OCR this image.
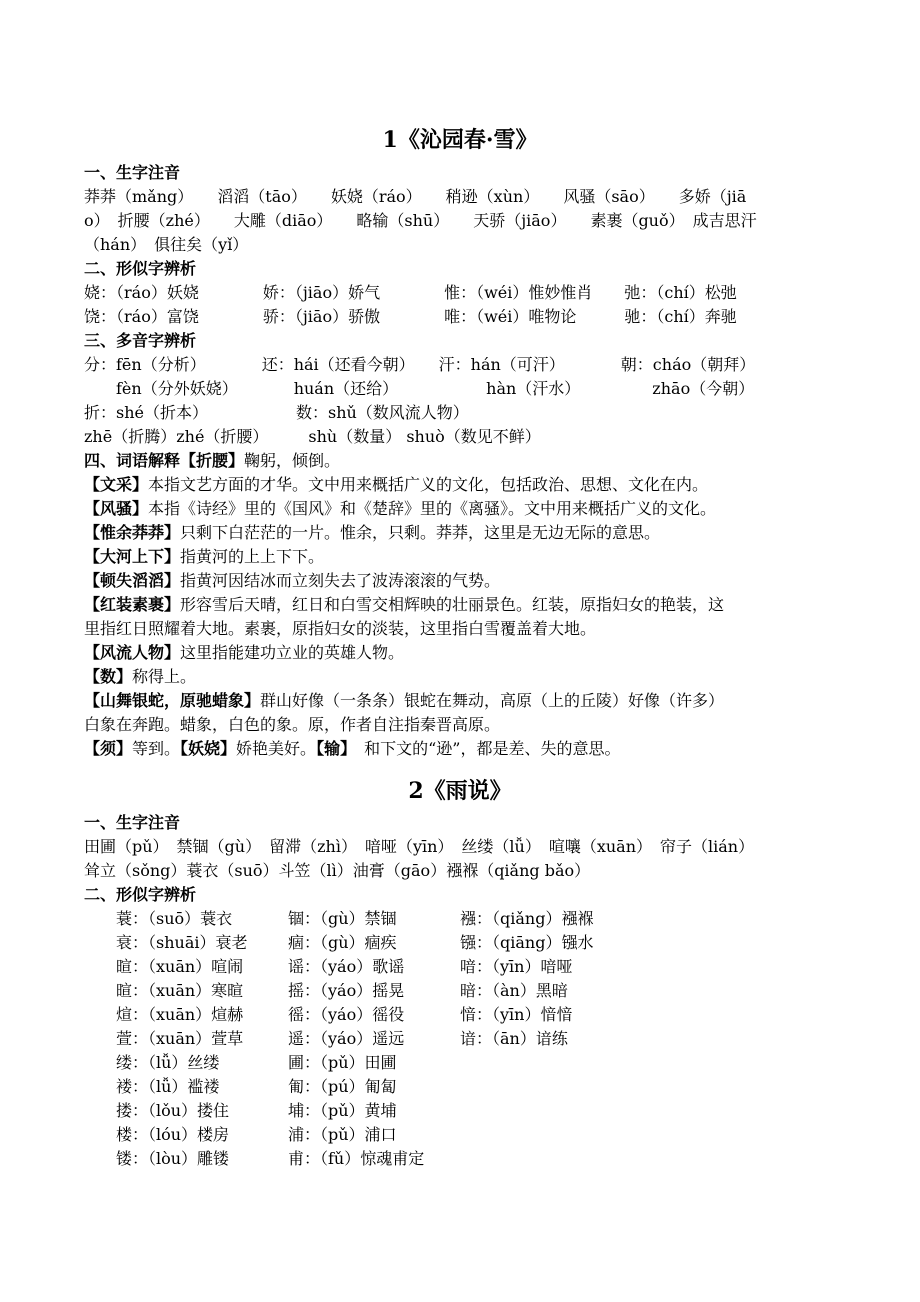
1《沁园春·雪》
一、生字注音
莽莽（mǎng）　　滔滔（tāo）　　妖娆（ráo）　　稍逊（xùn）　　风骚（sāo）　　多娇（jiā
o）　折腰（zhé）　　大雕（diāo）　　略输（shū）　　天骄（jiāo）　　素裹（guǒ）　成吉思汗
（hán）　俱往矣（yǐ）
二、形似字辨析
娆：（ráo）妖娆　　　　娇：（jiāo）娇气　　　　惟：（wéi）惟妙惟肖　　弛：（chí）松弛
饶：（ráo）富饶　　　　骄：（jiāo）骄傲　　　　唯：（wéi）唯物论　　　驰：（chí）奔驰
三、多音字辨析
分：fēn（分析）　　　　还：hái（还看今朝）　　汗：hán（可汗）　　　　朝：cháo（朝拜）
　　fèn（分外妖娆）　　　　huán（还给）　　　　　　hàn（汗水）　　　　　zhāo（今朝）
折：shé（折本）　　　　　　数：shǔ（数风流人物）
zhē（折腾）zhé（折腰）　　　shù（数量） shuò（数见不鲜）
四、词语解释【折腰】鞠躬，倾倒。
【文采】本指文艺方面的才华。文中用来概括广义的文化，包括政治、思想、文化在内。
【风骚】本指《诗经》里的《国风》和《楚辞》里的《离骚》。文中用来概括广义的文化。
【惟余莽莽】只剩下白茫茫的一片。惟余，只剩。莽莽，这里是无边无际的意思。
【大河上下】指黄河的上上下下。
【顿失滔滔】指黄河因结冰而立刻失去了波涛滚滚的气势。
【红装素裹】形容雪后天晴，红日和白雪交相辉映的壮丽景色。红装，原指妇女的艳装，这
里指红日照耀着大地。素裹，原指妇女的淡装，这里指白雪覆盖着大地。
【风流人物】这里指能建功立业的英雄人物。
【数】称得上。
【山舞银蛇，原驰蜡象】群山好像（一条条）银蛇在舞动，高原（上的丘陵）好像（许多）
白象在奔跑。蜡象，白色的象。原，作者自注指秦晋高原。
【须】等到。【妖娆】娇艳美好。【输】　和下文的“逊”，都是差、失的意思。
2《雨说》
一、生字注音
田圃（pǔ）　禁锢（gù）　留滞（zhì）　喑哑（yīn）　丝缕（lǚ）　喧嚷（xuān）　帘子（lián）
耸立（sǒng）蓑衣（suō）斗笠（lì）油膏（gāo）襁褓（qiǎng bǎo）
二、形似字辨析
蓑：（suō）蓑衣
衰：（shuāi）衰老
暄：（xuān）喧闹
暄：（xuān）寒暄
煊：（xuān）煊赫
萱：（xuān）萱草
缕：（lǚ）丝缕
褛：（lǚ）褴褛
搂：（lǒu）搂住
楼：（lóu）楼房
镂：（lòu）雕镂
锢：（gù）禁锢
痼：（gù）痼疾
谣：（yáo）歌谣
摇：（yáo）摇晃
徭：（yáo）徭役
遥：（yáo）遥远
圃：（pǔ）田圃
匍：（pú）匍匐
埔：（pǔ）黄埔
浦：（pǔ）浦口
甫：（fǔ）惊魂甫定
襁：（qiǎng）襁褓
镪：（qiāng）镪水
喑：（yīn）喑哑
暗：（àn）黑暗
愔：（yīn）愔愔
谙：（ān）谙练
